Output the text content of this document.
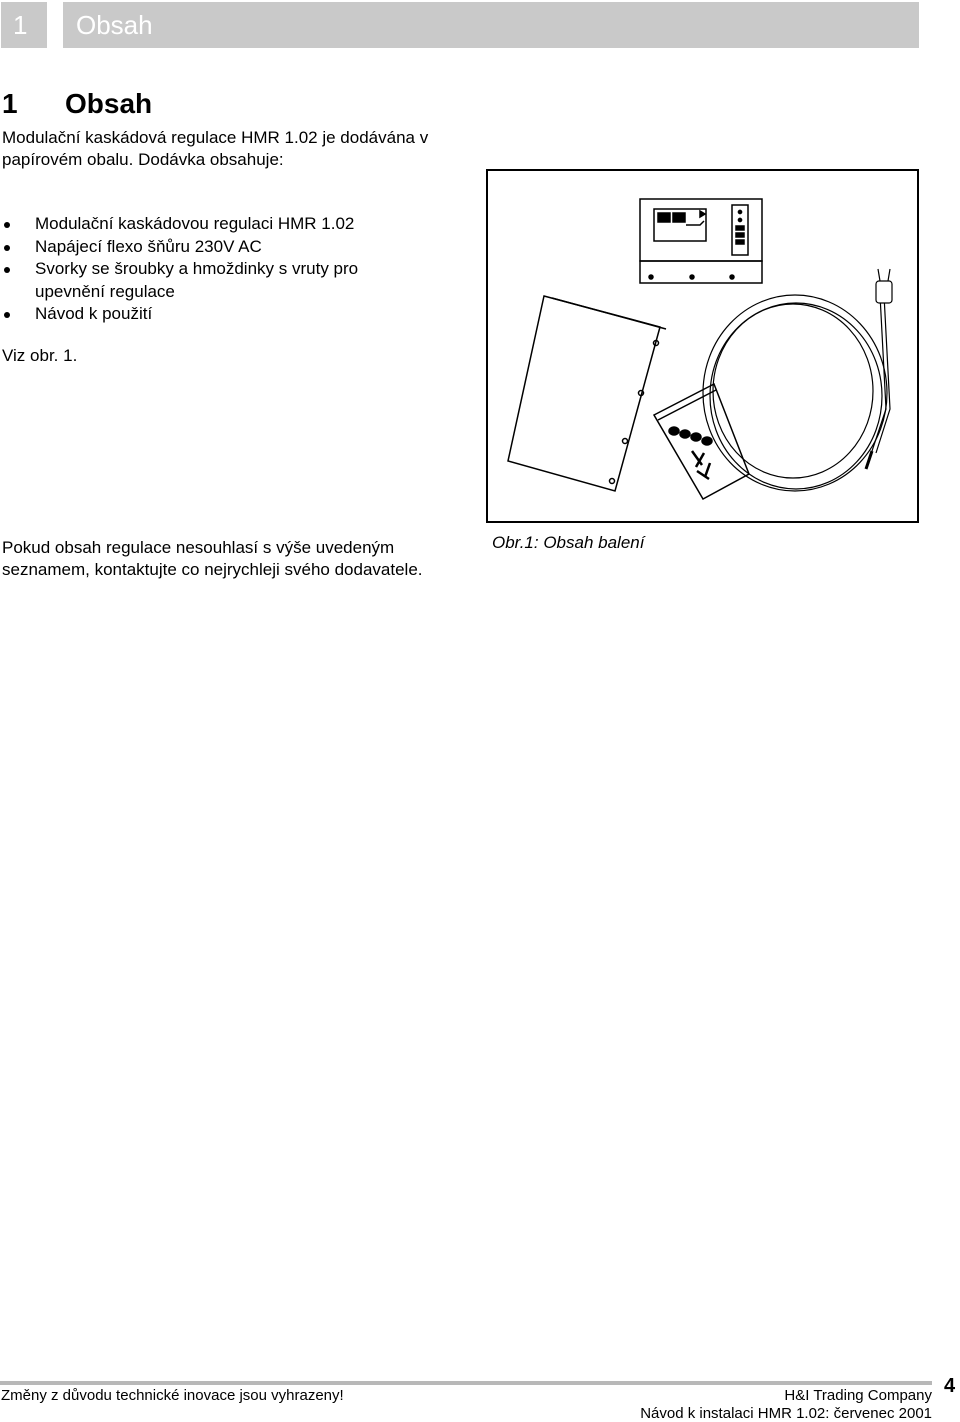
1	Obsah
1 Obsah
Modulační kaskádová regulace HMR 1.02 je dodávána v papírovém obalu. Dodávka obsahuje:
Modulační kaskádovou regulaci HMR 1.02
Napájecí flexo šňůru 230V AC
Svorky se šroubky a hmoždinky s vruty pro upevnění regulace
Návod k použití
Viz obr. 1.
Pokud obsah regulace nesouhlasí s výše uvedeným seznamem, kontaktujte co nejrychleji svého dodavatele.
Obr.1: Obsah balení
Změny z důvodu technické inovace jsou vyhrazeny!	H&I Trading Company
Návod k instalaci HMR 1.02: červenec 2001
4
